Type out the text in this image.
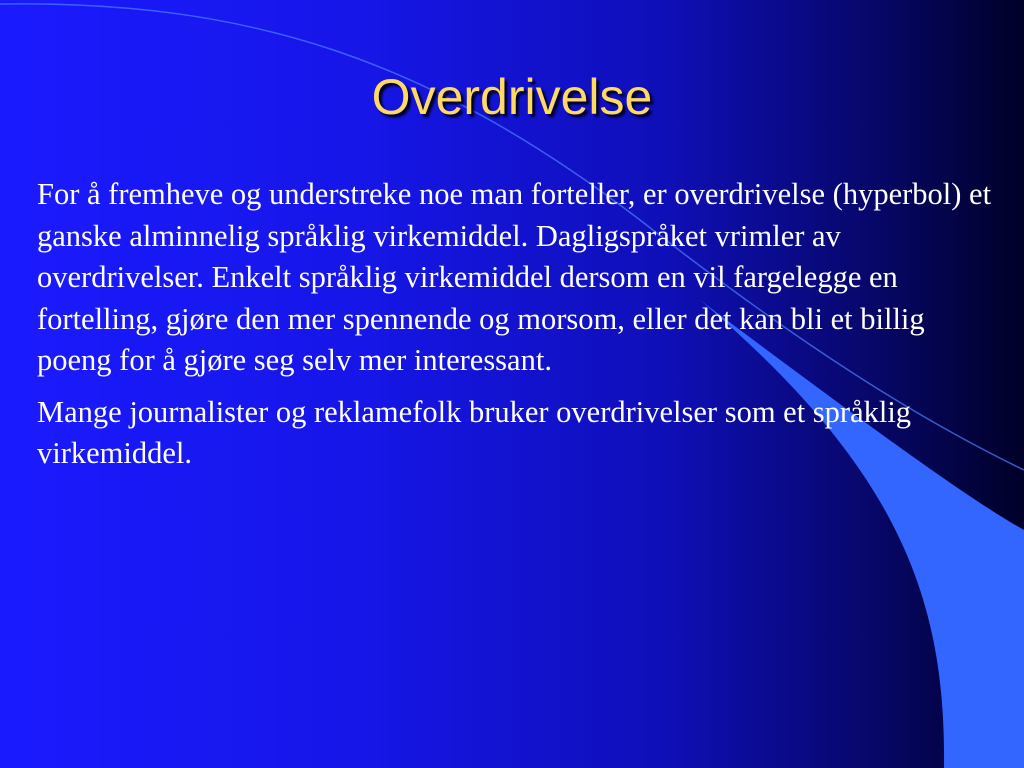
Overdrivelse

For å fremheve og understreke noe man forteller, er overdrivelse (hyperbol) et ganske alminnelig språklig virkemiddel. Dagligspråket vrimler av overdrivelser. Enkelt språklig virkemiddel dersom en vil fargelegge en fortelling, gjøre den mer spennende og morsom, eller det kan bli et billig poeng for å gjøre seg selv mer interessant.

Mange journalister og reklamefolk bruker overdrivelser som et språklig virkemiddel.
